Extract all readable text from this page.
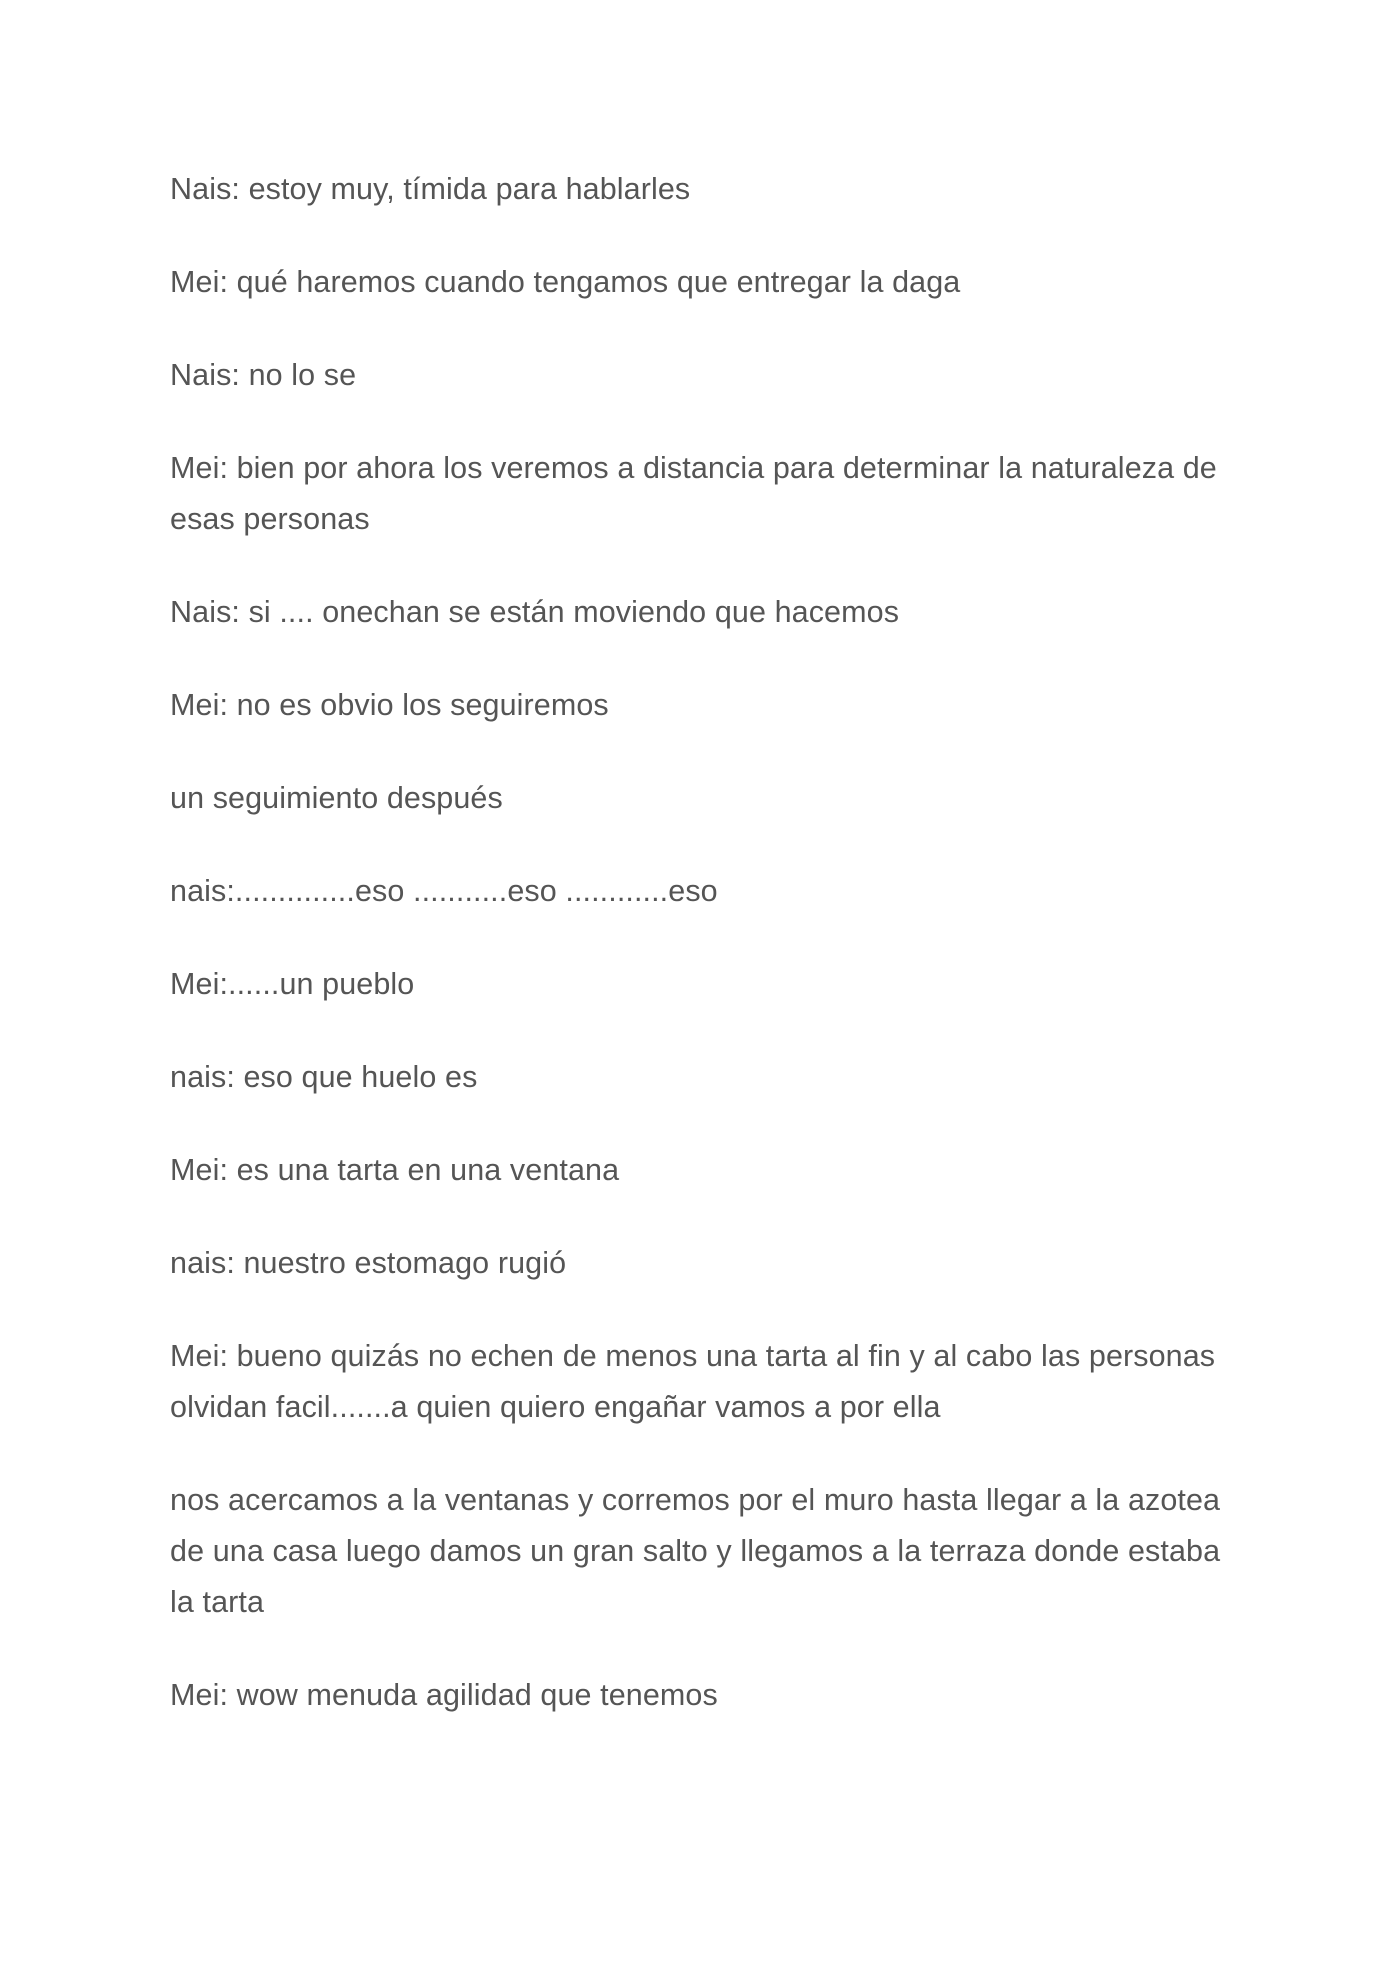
Nais: estoy muy, tímida para hablarles

Mei: qué haremos cuando tengamos que entregar la daga

Nais: no lo se

Mei: bien por ahora los veremos a distancia para determinar la naturaleza de esas personas

Nais: si .... onechan se están moviendo que hacemos

Mei: no es obvio los seguiremos

un seguimiento después

nais:..............eso ...........eso ............eso

Mei:......un pueblo

nais: eso que huelo es

Mei: es una tarta en una ventana

nais: nuestro estomago rugió

Mei: bueno quizás no echen de menos una tarta al fin y al cabo las personas olvidan facil.......a quien quiero engañar vamos a por ella

nos acercamos a la ventanas y corremos por el muro hasta llegar a la azotea de una casa luego damos un gran salto y llegamos a la terraza donde estaba la tarta

Mei: wow menuda agilidad que tenemos
